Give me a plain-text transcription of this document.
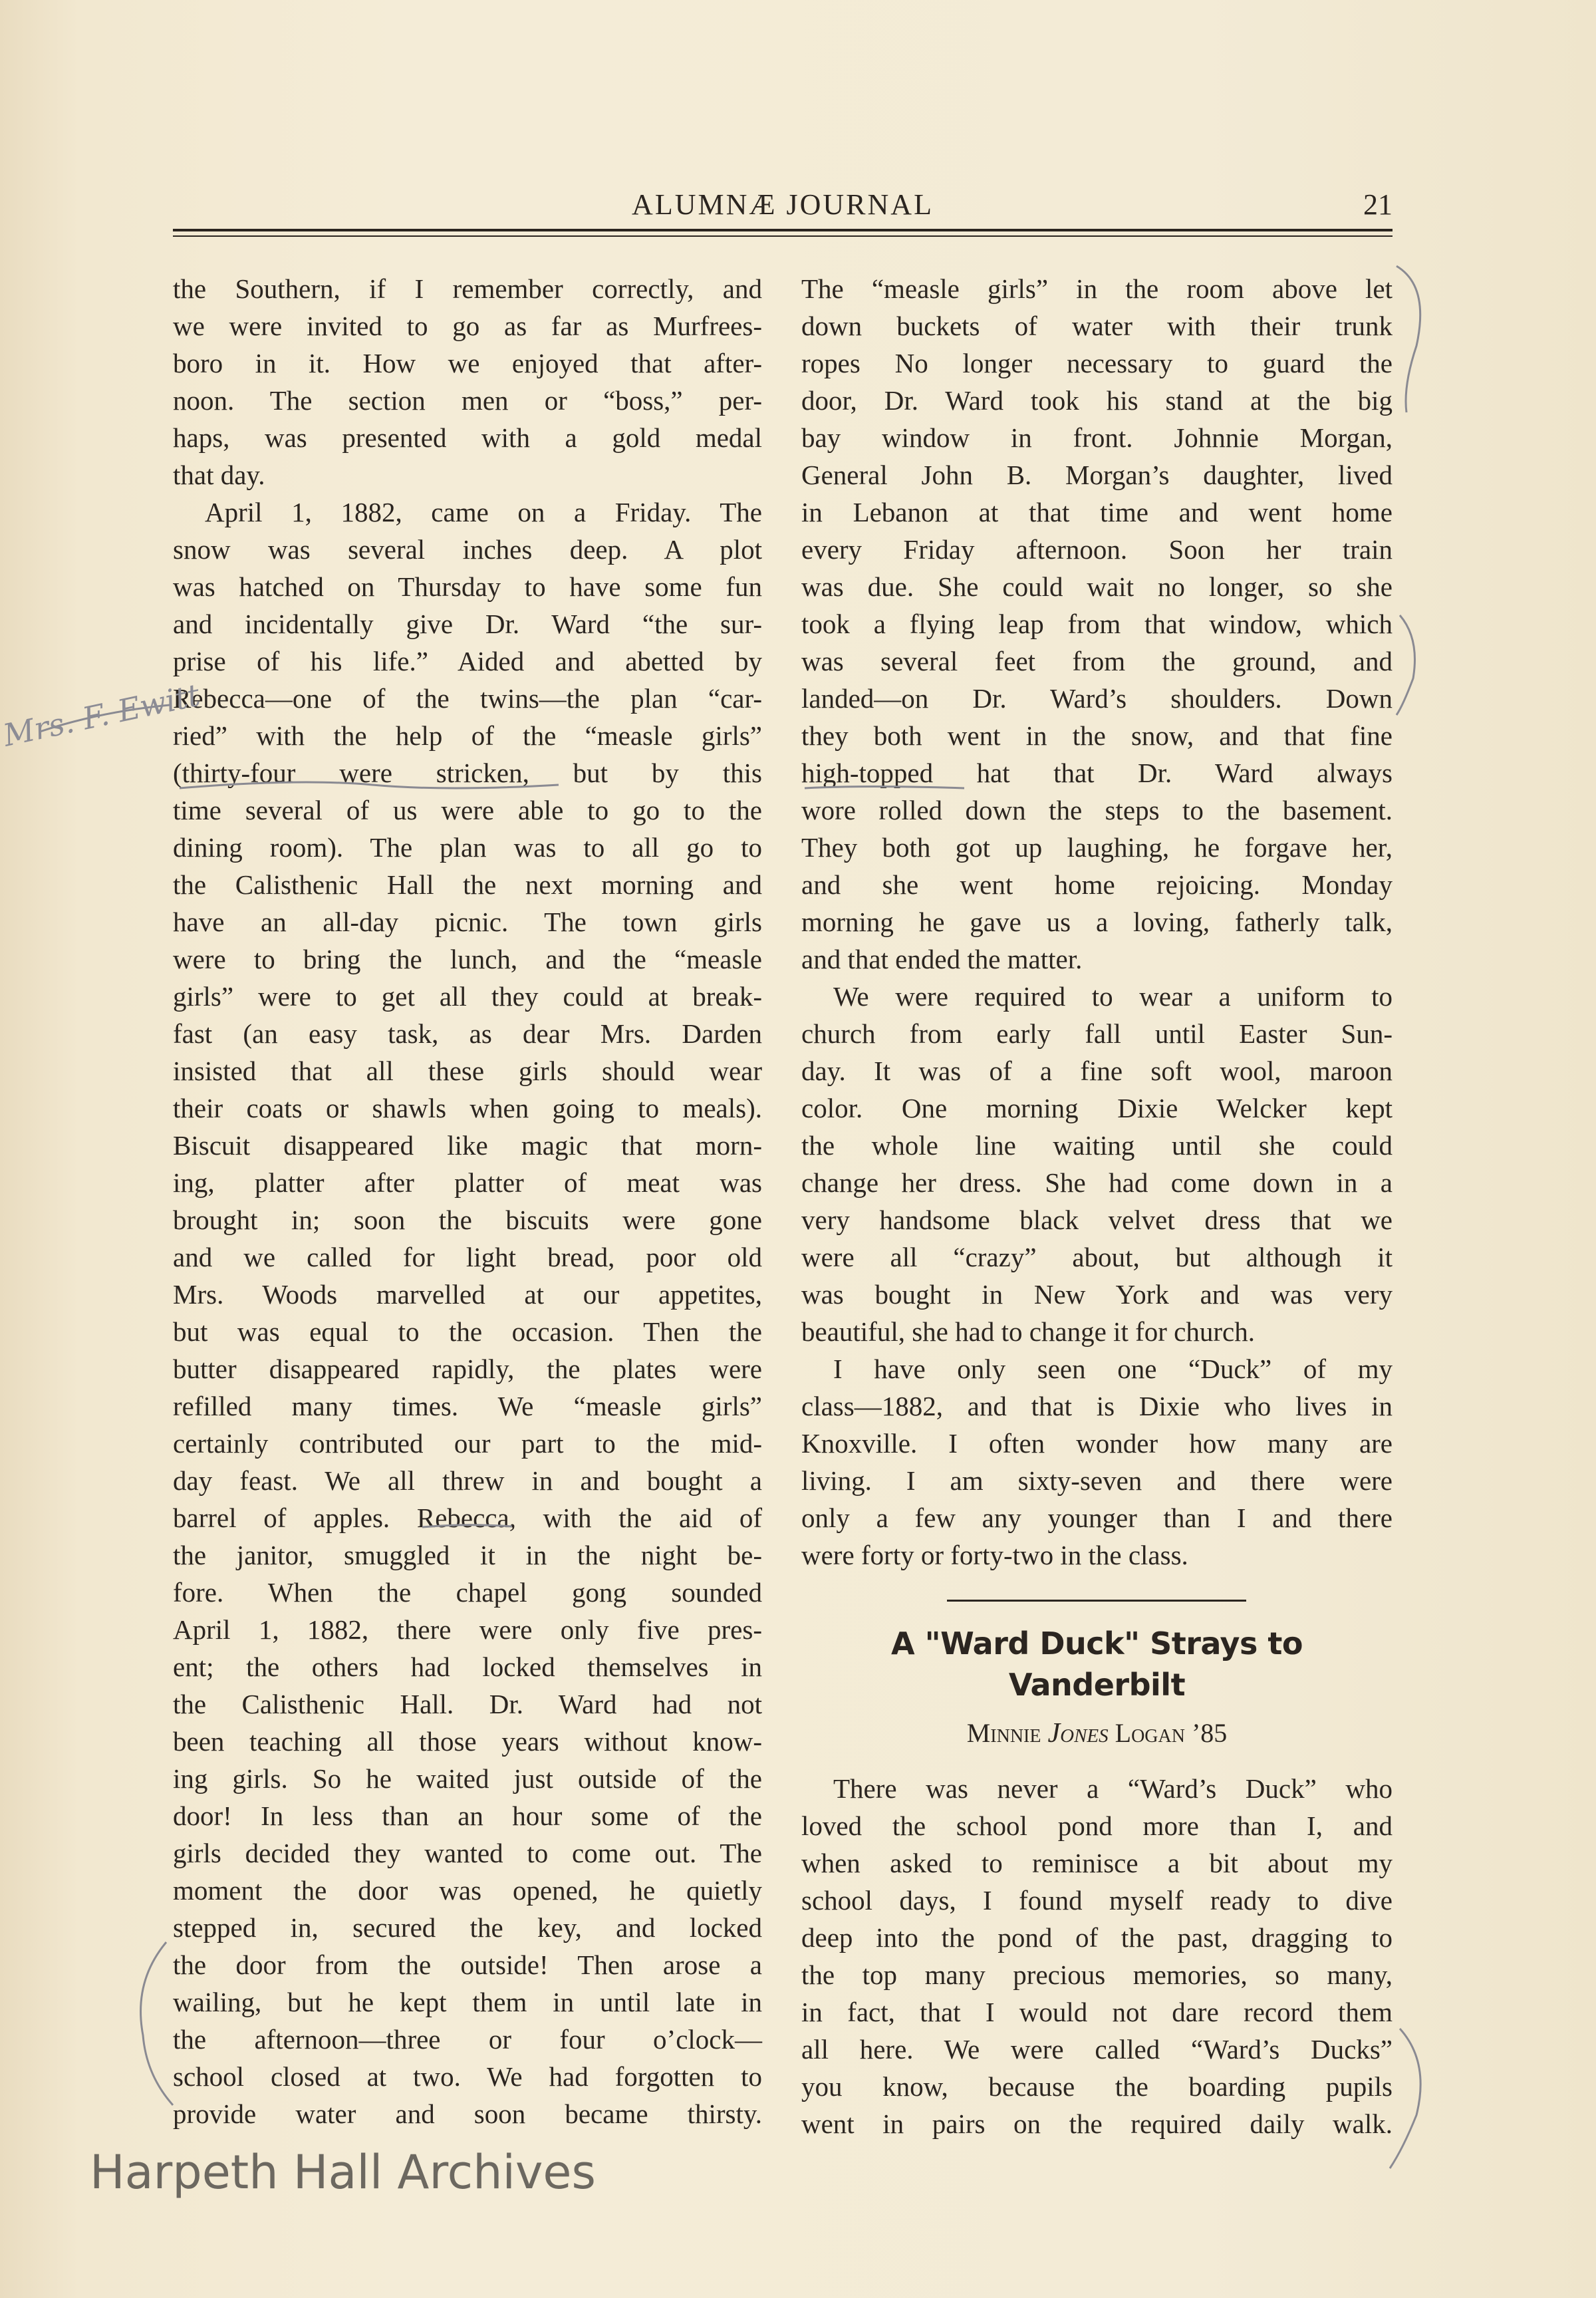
ALUMNÆ JOURNAL	21
the Southern, if I remember correctly, and
we were invited to go as far as Murfrees-
boro in it. How we enjoyed that after-
noon. The section men or “boss,” per-
haps, was presented with a gold medal
that day.
April 1, 1882, came on a Friday. The
snow was several inches deep. A plot
was hatched on Thursday to have some fun
and incidentally give Dr. Ward “the sur-
prise of his life.” Aided and abetted by
Rebecca—one of the twins—the plan “car-
ried” with the help of the “measle girls”
(thirty-four were stricken, but by this
time several of us were able to go to the
dining room). The plan was to all go to
the Calisthenic Hall the next morning and
have an all-day picnic. The town girls
were to bring the lunch, and the “measle
girls” were to get all they could at break-
fast (an easy task, as dear Mrs. Darden
insisted that all these girls should wear
their coats or shawls when going to meals).
Biscuit disappeared like magic that morn-
ing, platter after platter of meat was
brought in; soon the biscuits were gone
and we called for light bread, poor old
Mrs. Woods marvelled at our appetites,
but was equal to the occasion. Then the
butter disappeared rapidly, the plates were
refilled many times. We “measle girls”
certainly contributed our part to the mid-
day feast. We all threw in and bought a
barrel of apples. Rebecca, with the aid of
the janitor, smuggled it in the night be-
fore. When the chapel gong sounded
April 1, 1882, there were only five pres-
ent; the others had locked themselves in
the Calisthenic Hall. Dr. Ward had not
been teaching all those years without know-
ing girls. So he waited just outside of the
door! In less than an hour some of the
girls decided they wanted to come out. The
moment the door was opened, he quietly
stepped in, secured the key, and locked
the door from the outside! Then arose a
wailing, but he kept them in until late in
the afternoon—three or four o’clock—
school closed at two. We had forgotten to
provide water and soon became thirsty.
The “measle girls” in the room above let
down buckets of water with their trunk
ropes No longer necessary to guard the
door, Dr. Ward took his stand at the big
bay window in front. Johnnie Morgan,
General John B. Morgan’s daughter, lived
in Lebanon at that time and went home
every Friday afternoon. Soon her train
was due. She could wait no longer, so she
took a flying leap from that window, which
was several feet from the ground, and
landed—on Dr. Ward’s shoulders. Down
they both went in the snow, and that fine
high-topped hat that Dr. Ward always
wore rolled down the steps to the basement.
They both got up laughing, he forgave her,
and she went home rejoicing. Monday
morning he gave us a loving, fatherly talk,
and that ended the matter.
We were required to wear a uniform to
church from early fall until Easter Sun-
day. It was of a fine soft wool, maroon
color. One morning Dixie Welcker kept
the whole line waiting until she could
change her dress. She had come down in a
very handsome black velvet dress that we
were all “crazy” about, but although it
was bought in New York and was very
beautiful, she had to change it for church.
I have only seen one “Duck” of my
class—1882, and that is Dixie who lives in
Knoxville. I often wonder how many are
living. I am sixty-seven and there were
only a few any younger than I and there
were forty or forty-two in the class.
A "Ward Duck" Strays to
Vanderbilt
Minnie Jones Logan ’85
There was never a “Ward’s Duck” who
loved the school pond more than I, and
when asked to reminisce a bit about my
school days, I found myself ready to dive
deep into the pond of the past, dragging to
the top many precious memories, so many,
in fact, that I would not dare record them
all here. We were called “Ward’s Ducks”
you know, because the boarding pupils
went in pairs on the required daily walk.
Mrs. F. Ewitt
Harpeth Hall Archives
